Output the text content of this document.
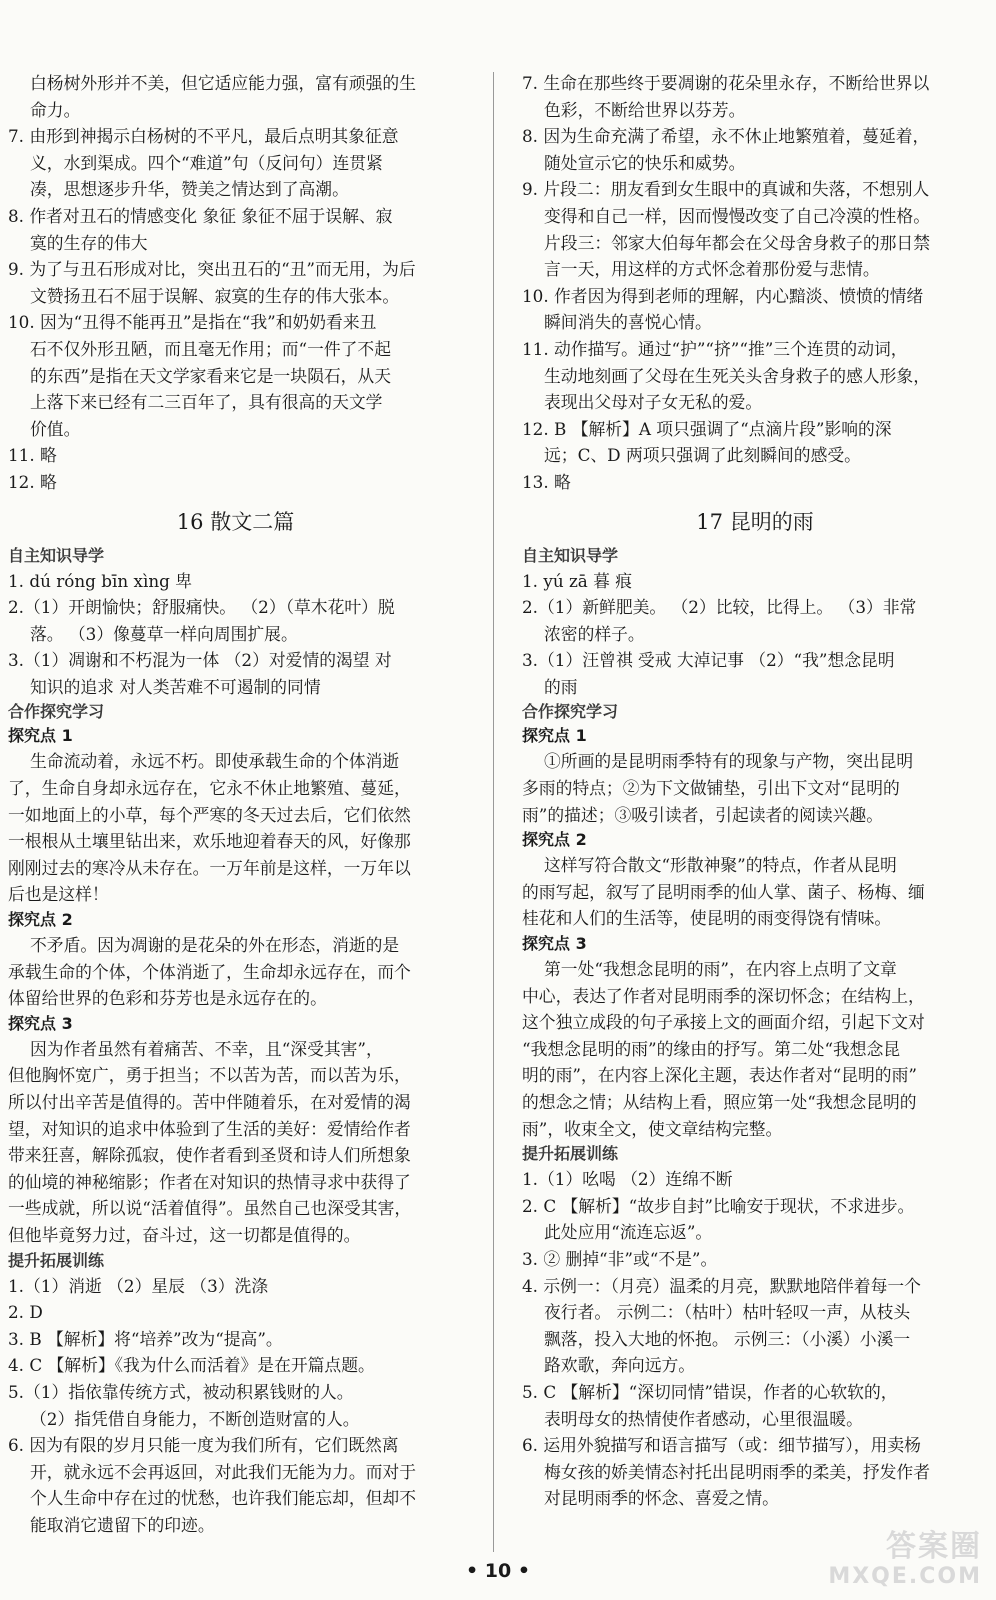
白杨树外形并不美，但它适应能力强，富有顽强的生

命力。

7. 由形到神揭示白杨树的不平凡，最后点明其象征意

义，水到渠成。四个“难道”句（反问句）连贯紧

凑，思想逐步升华，赞美之情达到了高潮。

8. 作者对丑石的情感变化 象征 象征不屈于误解、寂

寞的生存的伟大

9. 为了与丑石形成对比，突出丑石的“丑”而无用，为后

文赞扬丑石不屈于误解、寂寞的生存的伟大张本。

10. 因为“丑得不能再丑”是指在“我”和奶奶看来丑

石不仅外形丑陋，而且毫无作用；而“一件了不起

的东西”是指在天文学家看来它是一块陨石，从天

上落下来已经有二三百年了，具有很高的天文学

价值。

11. 略

12. 略

16 散文二篇

自主知识导学

1. dú róng bīn xìng 卑

2.（1）开朗愉快；舒服痛快。 （2）（草木花叶）脱

落。 （3）像蔓草一样向周围扩展。

3.（1）凋谢和不朽混为一体 （2）对爱情的渴望 对

知识的追求 对人类苦难不可遏制的同情

合作探究学习

探究点 1

生命流动着，永远不朽。即使承载生命的个体消逝

了，生命自身却永远存在，它永不休止地繁殖、蔓延，

一如地面上的小草，每个严寒的冬天过去后，它们依然

一根根从土壤里钻出来，欢乐地迎着春天的风，好像那

刚刚过去的寒冷从未存在。一万年前是这样，一万年以

后也是这样！

探究点 2

不矛盾。因为凋谢的是花朵的外在形态，消逝的是

承载生命的个体，个体消逝了，生命却永远存在，而个

体留给世界的色彩和芬芳也是永远存在的。

探究点 3

因为作者虽然有着痛苦、不幸，且“深受其害”，

但他胸怀宽广，勇于担当；不以苦为苦，而以苦为乐，

所以付出辛苦是值得的。苦中伴随着乐，在对爱情的渴

望，对知识的追求中体验到了生活的美好：爱情给作者

带来狂喜，解除孤寂，使作者看到圣贤和诗人们所想象

的仙境的神秘缩影；作者在对知识的热情寻求中获得了

一些成就，所以说“活着值得”。虽然自己也深受其害，

但他毕竟努力过，奋斗过，这一切都是值得的。

提升拓展训练

1.（1）消逝 （2）星辰 （3）洗涤

2. D

3. B 【解析】将“培养”改为“提高”。

4. C 【解析】《我为什么而活着》是在开篇点题。

5.（1）指依靠传统方式，被动积累钱财的人。

（2）指凭借自身能力，不断创造财富的人。

6. 因为有限的岁月只能一度为我们所有，它们既然离

开，就永远不会再返回，对此我们无能为力。而对于

个人生命中存在过的忧愁，也许我们能忘却，但却不

能取消它遗留下的印迹。

7. 生命在那些终于要凋谢的花朵里永存，不断给世界以

色彩，不断给世界以芬芳。

8. 因为生命充满了希望，永不休止地繁殖着，蔓延着，

随处宣示它的快乐和威势。

9. 片段二：朋友看到女生眼中的真诚和失落，不想别人

变得和自己一样，因而慢慢改变了自己冷漠的性格。

片段三：邻家大伯每年都会在父母舍身救子的那日禁

言一天，用这样的方式怀念着那份爱与悲情。

10. 作者因为得到老师的理解，内心黯淡、愤愤的情绪

瞬间消失的喜悦心情。

11. 动作描写。通过“护”“挤”“推”三个连贯的动词，

生动地刻画了父母在生死关头舍身救子的感人形象，

表现出父母对子女无私的爱。

12. B 【解析】A 项只强调了“点滴片段”影响的深

远；C、D 两项只强调了此刻瞬间的感受。

13. 略

17 昆明的雨

自主知识导学

1. yú zā 暮 痕

2.（1）新鲜肥美。 （2）比较，比得上。 （3）非常

浓密的样子。

3.（1）汪曾祺 受戒 大淖记事 （2）“我”想念昆明

的雨

合作探究学习

探究点 1

①所画的是昆明雨季特有的现象与产物，突出昆明

多雨的特点；②为下文做铺垫，引出下文对“昆明的

雨”的描述；③吸引读者，引起读者的阅读兴趣。

探究点 2

这样写符合散文“形散神聚”的特点，作者从昆明

的雨写起，叙写了昆明雨季的仙人掌、菌子、杨梅、缅

桂花和人们的生活等，使昆明的雨变得饶有情味。

探究点 3

第一处“我想念昆明的雨”，在内容上点明了文章

中心，表达了作者对昆明雨季的深切怀念；在结构上，

这个独立成段的句子承接上文的画面介绍，引起下文对

“我想念昆明的雨”的缘由的抒写。第二处“我想念昆

明的雨”，在内容上深化主题，表达作者对“昆明的雨”

的想念之情；从结构上看，照应第一处“我想念昆明的

雨”，收束全文，使文章结构完整。

提升拓展训练

1.（1）吆喝 （2）连绵不断

2. C 【解析】“故步自封”比喻安于现状，不求进步。

此处应用“流连忘返”。

3. ② 删掉“非”或“不是”。

4. 示例一：（月亮）温柔的月亮，默默地陪伴着每一个

夜行者。 示例二：（枯叶）枯叶轻叹一声，从枝头

飘落，投入大地的怀抱。 示例三：（小溪）小溪一

路欢歌，奔向远方。

5. C 【解析】“深切同情”错误，作者的心软软的，

表明母女的热情使作者感动，心里很温暖。

6. 运用外貌描写和语言描写（或：细节描写），用卖杨

梅女孩的娇美情态衬托出昆明雨季的柔美，抒发作者

对昆明雨季的怀念、喜爱之情。

• 10 •
答案圈
MXQE.COM
